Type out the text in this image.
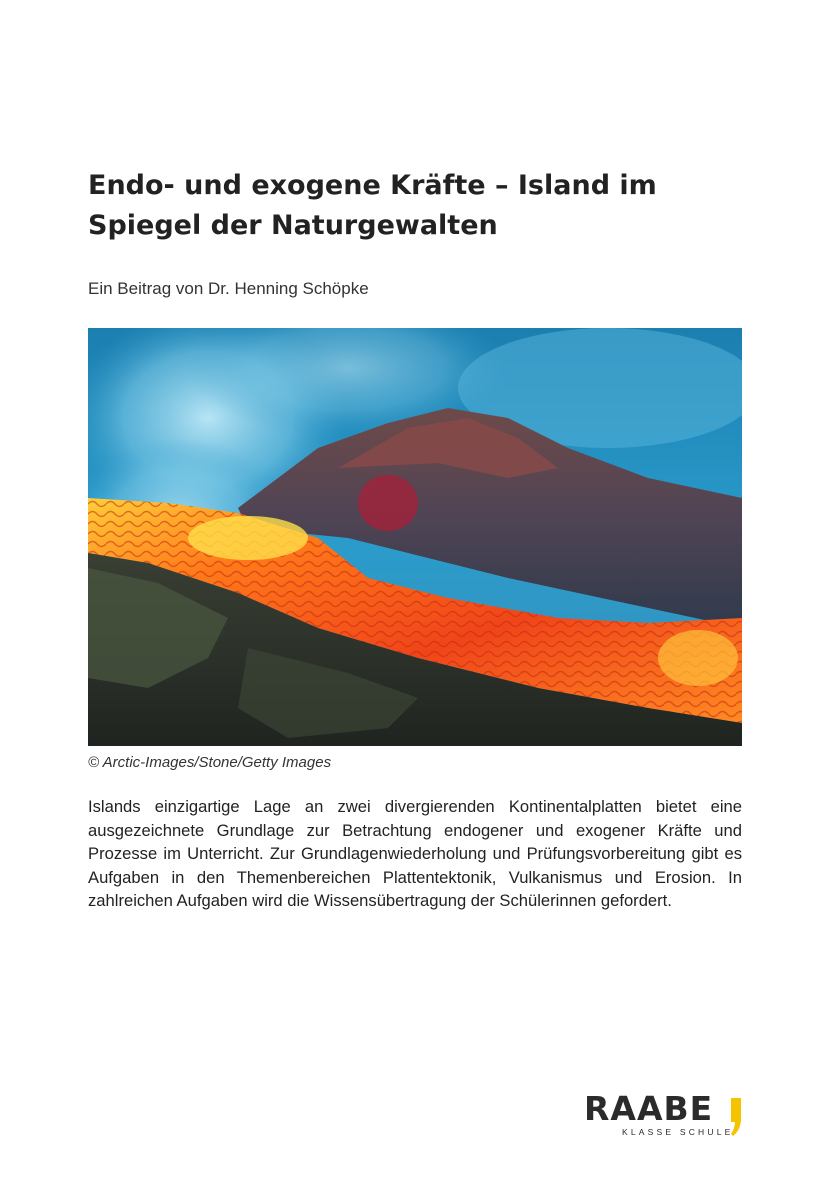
Endo- und exogene Kräfte – Island im Spiegel der Naturgewalten
Ein Beitrag von Dr. Henning Schöpke
© Arctic-Images/Stone/Getty Images

Islands einzigartige Lage an zwei divergierenden Kontinentalplatten bietet eine ausgezeichnete Grundlage zur Betrachtung endogener und exogener Kräfte und Prozesse im Unterricht. Zur Grundlagenwiederholung und Prüfungsvorbereitung gibt es Aufgaben in den Themenbereichen Plattentektonik, Vulkanismus und Erosion. In zahlreichen Aufgaben wird die Wissensübertragung der Schülerinnen gefordert.

RAABE
KLASSE SCHULE
